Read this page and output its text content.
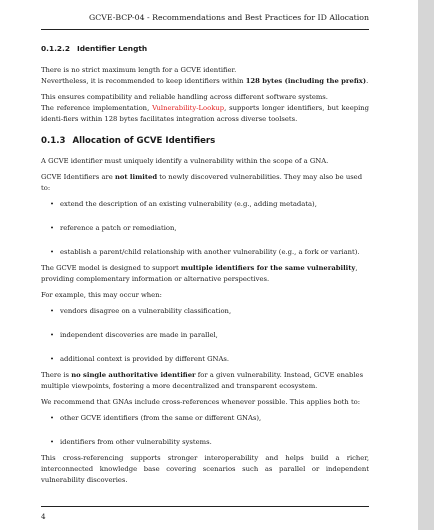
GCVE-BCP-04 - Recommendations and Best Practices for ID Allocation
0.1.2.2 Identifier Length

There is no strict maximum length for a GCVE identifier.
Nevertheless, it is recommended to keep identifiers within 128 bytes (including the prefix).

This ensures compatibility and reliable handling across different software systems.
The reference implementation, Vulnerability-Lookup, supports longer identifiers, but keeping identi-fiers within 128 bytes facilitates integration across diverse toolsets.

0.1.3 Allocation of GCVE Identifiers

A GCVE identifier must uniquely identify a vulnerability within the scope of a GNA.

GCVE Identifiers are not limited to newly discovered vulnerabilities. They may also be used to:

• extend the description of an existing vulnerability (e.g., adding metadata),
• reference a patch or remediation,
• establish a parent/child relationship with another vulnerability (e.g., a fork or variant).

The GCVE model is designed to support multiple identifiers for the same vulnerability, providing complementary information or alternative perspectives.

For example, this may occur when:

• vendors disagree on a vulnerability classification,
• independent discoveries are made in parallel,
• additional context is provided by different GNAs.

There is no single authoritative identifier for a given vulnerability. Instead, GCVE enables multiple viewpoints, fostering a more decentralized and transparent ecosystem.

We recommend that GNAs include cross-references whenever possible. This applies both to:

• other GCVE identifiers (from the same or different GNAs),
• identifiers from other vulnerability systems.

This cross-referencing supports stronger interoperability and helps build a richer, interconnected knowledge base covering scenarios such as parallel or independent vulnerability discoveries.

4
